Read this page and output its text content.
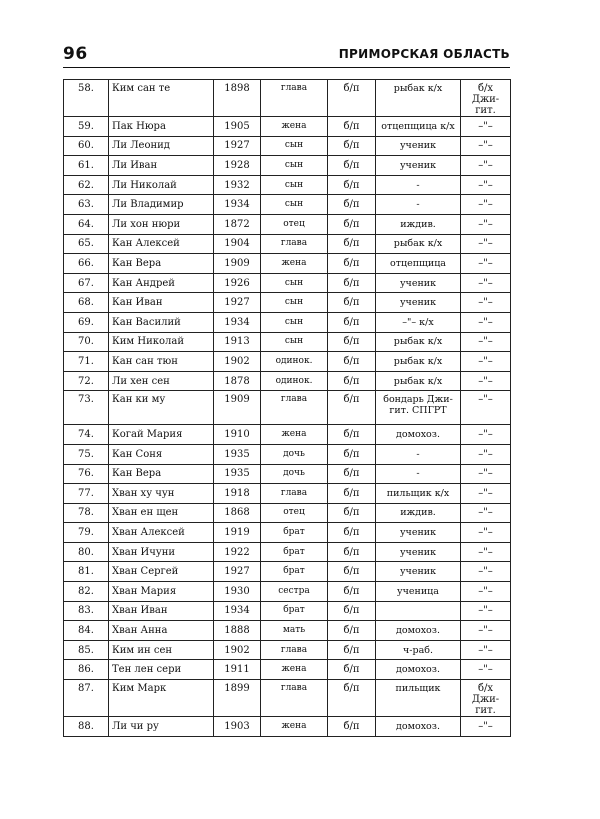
96	ПРИМОРСКАЯ ОБЛАСТЬ
58.	Ким сан те	1898	глава	б/п	рыбак к/х	б/х Джи-гит.
59.	Пак Нюра	1905	жена	б/п	отцепщица к/х	–"–
60.	Ли Леонид	1927	сын	б/п	ученик	–"–
61.	Ли Иван	1928	сын	б/п	ученик	–"–
62.	Ли Николай	1932	сын	б/п	-	–"–
63.	Ли Владимир	1934	сын	б/п	-	–"–
64.	Ли хон нюри	1872	отец	б/п	иждив.	–"–
65.	Кан Алексей	1904	глава	б/п	рыбак к/х	–"–
66.	Кан Вера	1909	жена	б/п	отцепщица	–"–
67.	Кан Андрей	1926	сын	б/п	ученик	–"–
68.	Кан Иван	1927	сын	б/п	ученик	–"–
69.	Кан Василий	1934	сын	б/п	–"– к/х	–"–
70.	Ким Николай	1913	сын	б/п	рыбак к/х	–"–
71.	Кан сан тюн	1902	одинок.	б/п	рыбак к/х	–"–
72.	Ли хен сен	1878	одинок.	б/п	рыбак к/х	–"–
73.	Кан ки му	1909	глава	б/п	бондарь Джи-гит. СПГРТ	–"–
74.	Когай Мария	1910	жена	б/п	домохоз.	–"–
75.	Кан Соня	1935	дочь	б/п	-	–"–
76.	Кан Вера	1935	дочь	б/п	-	–"–
77.	Хван ху чун	1918	глава	б/п	пильщик к/х	–"–
78.	Хван ен щен	1868	отец	б/п	иждив.	–"–
79.	Хван Алексей	1919	брат	б/п	ученик	–"–
80.	Хван Ичуни	1922	брат	б/п	ученик	–"–
81.	Хван Сергей	1927	брат	б/п	ученик	–"–
82.	Хван Мария	1930	сестра	б/п	ученица	–"–
83.	Хван Иван	1934	брат	б/п		–"–
84.	Хван Анна	1888	мать	б/п	домохоз.	–"–
85.	Ким ин сен	1902	глава	б/п	ч-раб.	–"–
86.	Тен лен сери	1911	жена	б/п	домохоз.	–"–
87.	Ким Марк	1899	глава	б/п	пильщик	б/х Джи-гит.
88.	Ли чи ру	1903	жена	б/п	домохоз.	–"–
